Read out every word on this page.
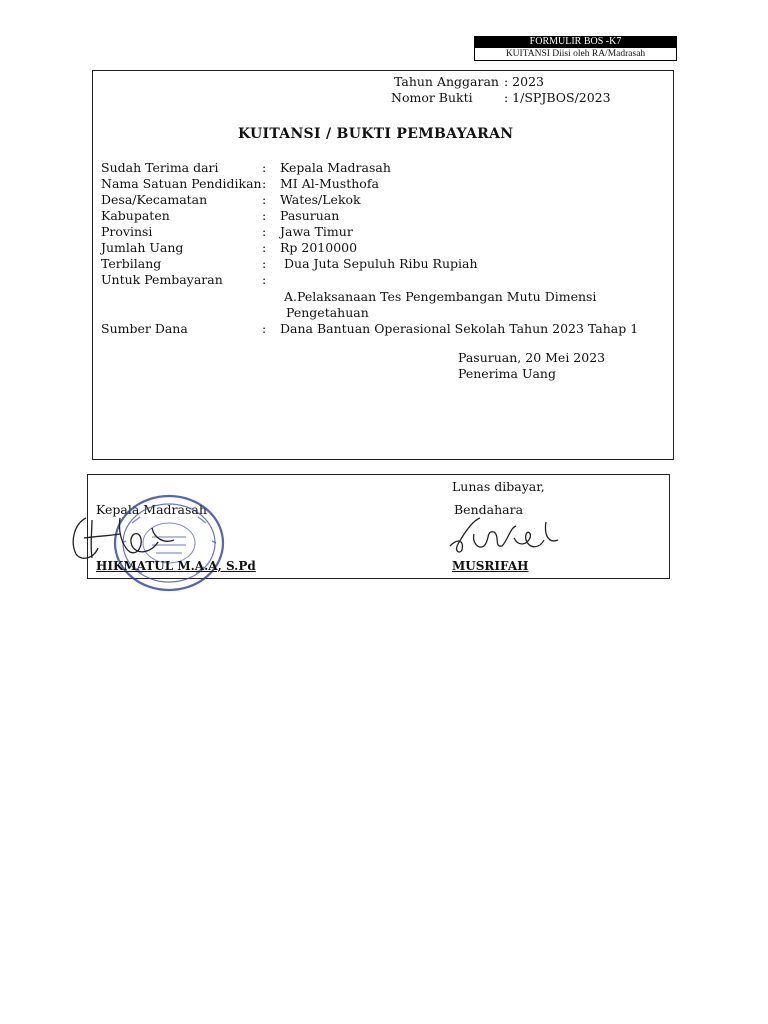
FORMULIR BOS -K7
KUITANSI Diisi oleh RA/Madrasah
Tahun Anggaran : 2023
Nomor Bukti	: 1/SPJBOS/2023
KUITANSI / BUKTI PEMBAYARAN
Sudah Terima dari	: Kepala Madrasah
Nama Satuan Pendidikan : MI Al-Musthofa
Desa/Kecamatan	: Wates/Lekok
Kabupaten	: Pasuruan
Provinsi	: Jawa Timur
Jumlah Uang	: Rp 2010000
Terbilang	: Dua Juta Sepuluh Ribu Rupiah
Untuk Pembayaran	:
A.Pelaksanaan Tes Pengembangan Mutu Dimensi
Pengetahuan
Sumber Dana	: Dana Bantuan Operasional Sekolah Tahun 2023 Tahap 1
Pasuruan, 20 Mei 2023
Penerima Uang
Lunas dibayar,
Kepala Madrasah	Bendahara
HIKMATUL M.A.A, S.Pd	MUSRIFAH
